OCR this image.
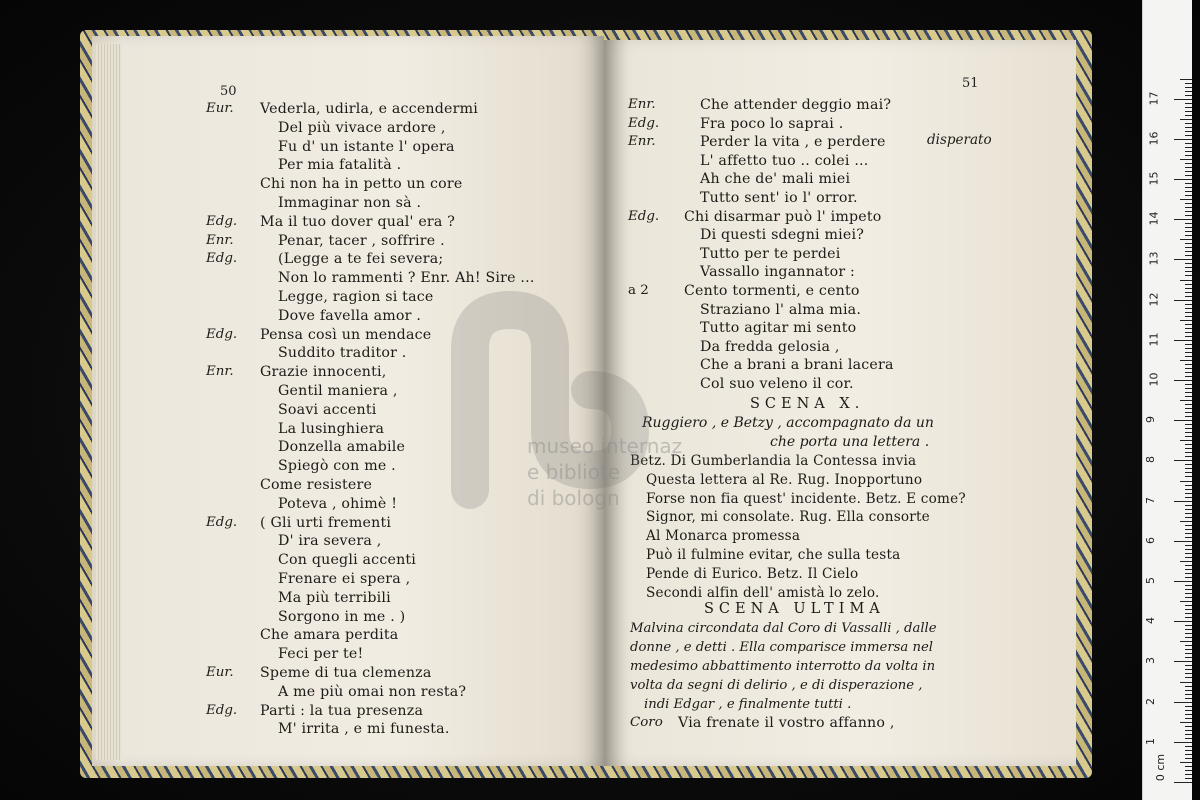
50
Eur. Vederla, udirla, e accendermi
Del più vivace ardore ,
Fu d' un istante l' opera
Per mia fatalità .
Chi non ha in petto un core
Immaginar non sà .
Edg. Ma il tuo dover qual' era ?
Enr.	Penar, tacer , soffrire .
Edg.	(Legge a te fei severa;
Non lo rammenti ? Enr. Ah! Sire ...
Legge, ragion si tace
Dove favella amor .
Edg. Pensa così un mendace
Suddito traditor .
Enr. Grazie innocenti,
Gentil maniera ,
Soavi accenti
La lusinghiera
Donzella amabile
Spiegò con me .
Come resistere
Poteva , ohimè !
Edg. ( Gli urti frementi
D' ira severa ,
Con quegli accenti
Frenare ei spera ,
Ma più terribili
Sorgono in me . )
Che amara perdita
Feci per te!
Eur. Speme di tua clemenza
A me più omai non resta?
Edg. Parti : la tua presenza
M' irrita , e mi funesta.
51
disperato
Enr.	Che attender deggio mai?
Edg.	Fra poco lo saprai .
Enr.	Perder la vita , e perdere
L' affetto tuo .. colei ...
Ah che de' mali miei
Tutto sent' io l' orror.
Edg. Chi disarmar può l' impeto
Di questi sdegni miei?
Tutto per te perdei
Vassallo ingannator :
a 2 Cento tormenti, e cento
Straziano l' alma mia.
Tutto agitar mi sento
Da fredda gelosia ,
Che a brani a brani lacera
Col suo veleno il cor.
SCENA X.
Ruggiero , e Betzy , accompagnato da un
che porta una lettera .
Betz. Di Gumberlandia la Contessa invia
Questa lettera al Re. Rug. Inopportuno
Forse non fia quest' incidente. Betz. E come?
Signor, mi consolate. Rug. Ella consorte
Al Monarca promessa
Può il fulmine evitar, che sulla testa
Pende di Eurico. Betz. Il Cielo
Secondi alfin dell' amistà lo zelo.
SCENA ULTIMA
Malvina circondata dal Coro di Vassalli , dalle
donne , e detti . Ella comparisce immersa nel
medesimo abbattimento interrotto da volta in
volta da segni di delirio , e di disperazione ,
indi Edgar , e finalmente tutti .
Coro Via frenate il vostro affanno ,
museo internaz
e bibliote
di bologn
0 cm
1
2
3
4
5
6
7
8
9
10
11
12
13
14
15
16
17
